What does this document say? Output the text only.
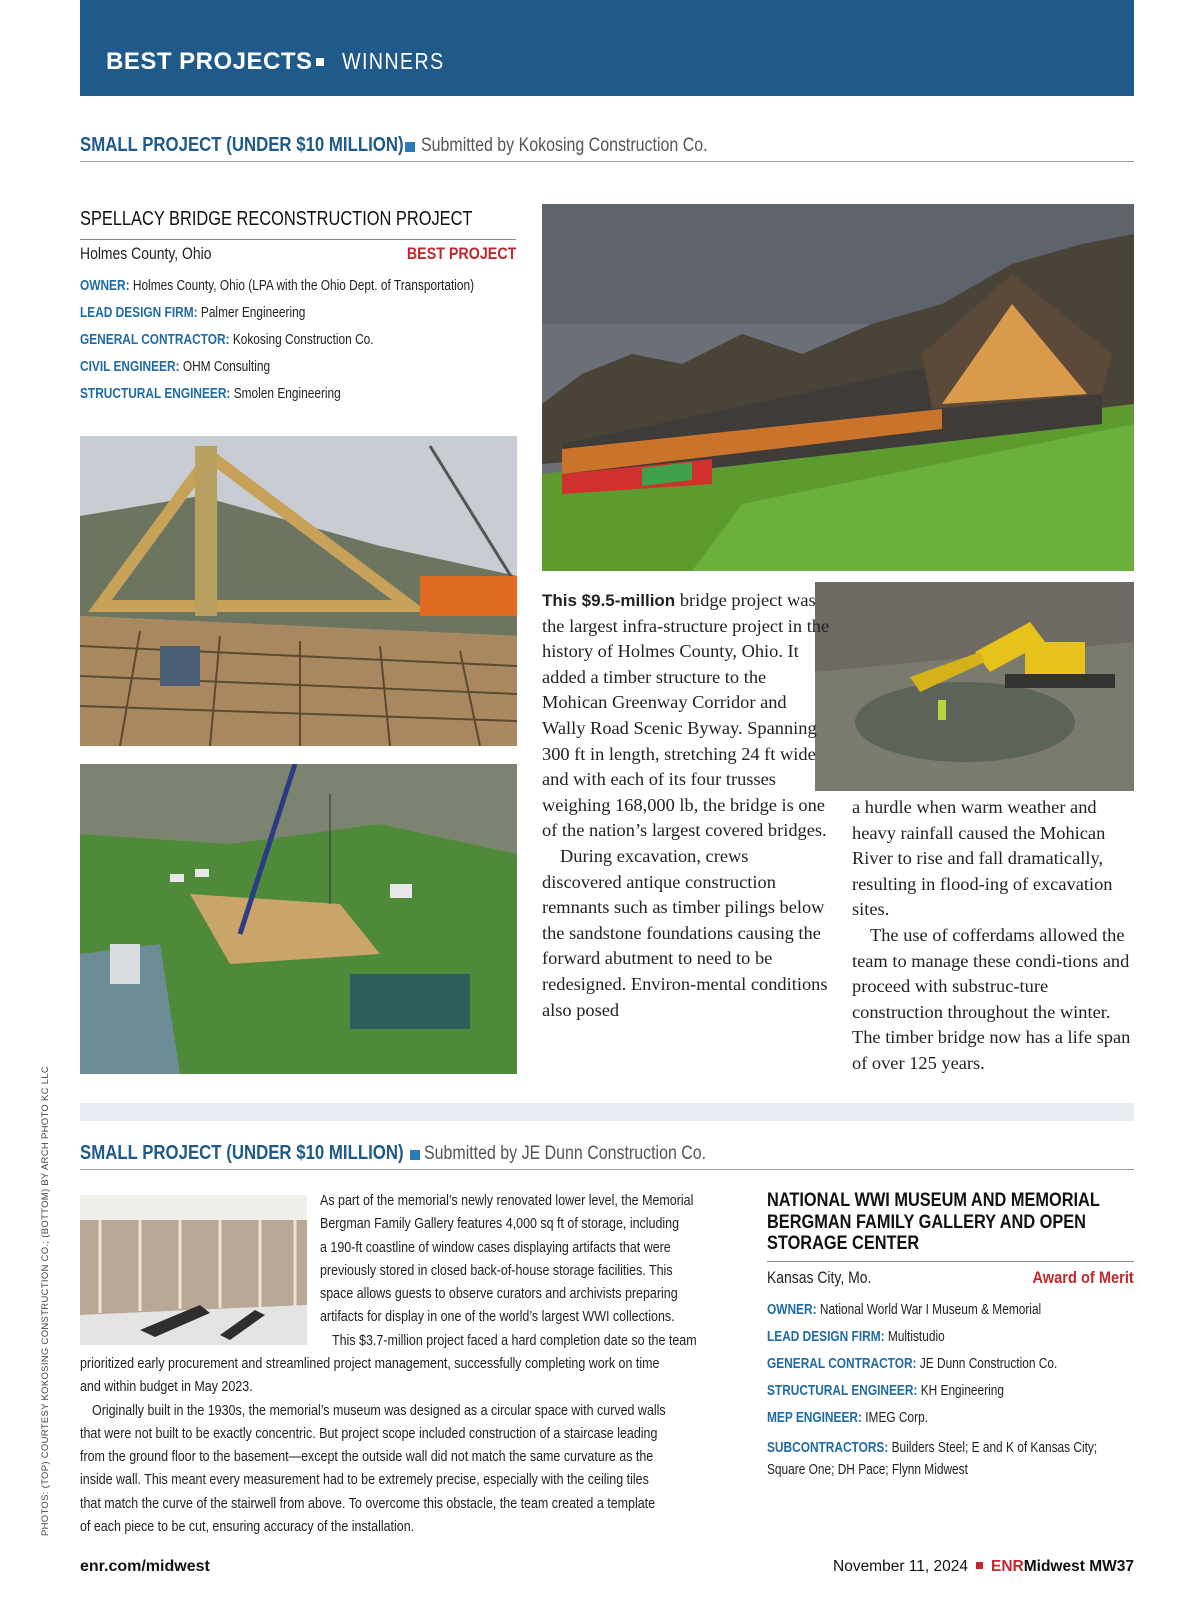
BEST PROJECTS WINNERS
SMALL PROJECT (UNDER $10 MILLION) Submitted by Kokosing Construction Co.
SPELLACY BRIDGE RECONSTRUCTION PROJECT
Holmes County, Ohio	BEST PROJECT
OWNER: Holmes County, Ohio (LPA with the Ohio Dept. of Transportation)
LEAD DESIGN FIRM: Palmer Engineering
GENERAL CONTRACTOR: Kokosing Construction Co.
CIVIL ENGINEER: OHM Consulting
STRUCTURAL ENGINEER: Smolen Engineering

This $9.5-million bridge project was the largest infra-structure project in the history of Holmes County, Ohio. It added a timber structure to the Mohican Greenway Corridor and Wally Road Scenic Byway. Spanning 300 ft in length, stretching 24 ft wide and with each of its four trusses weighing 168,000 lb, the bridge is one of the nation’s largest covered bridges.

During excavation, crews discovered antique construction remnants such as timber pilings below the sandstone foundations causing the forward abutment to need to be redesigned. Environ-mental conditions also posed

a hurdle when warm weather and heavy rainfall caused the Mohican River to rise and fall dramatically, resulting in flood-ing of excavation sites.

The use of cofferdams allowed the team to manage these condi-tions and proceed with substruc-ture construction throughout the winter. The timber bridge now has a life span of over 125 years.

SMALL PROJECT (UNDER $10 MILLION) Submitted by JE Dunn Construction Co.
As part of the memorial’s newly renovated lower level, the Memorial
Bergman Family Gallery features 4,000 sq ft of storage, including
a 190-ft coastline of window cases displaying artifacts that were
previously stored in closed back-of-house storage facilities. This
space allows guests to observe curators and archivists preparing
artifacts for display in one of the world’s largest WWI collections.
This $3.7-million project faced a hard completion date so the team
prioritized early procurement and streamlined project management, successfully completing work on time
and within budget in May 2023.
Originally built in the 1930s, the memorial’s museum was designed as a circular space with curved walls
that were not built to be exactly concentric. But project scope included construction of a staircase leading
from the ground floor to the basement—except the outside wall did not match the same curvature as the
inside wall. This meant every measurement had to be extremely precise, especially with the ceiling tiles
that match the curve of the stairwell from above. To overcome this obstacle, the team created a template
of each piece to be cut, ensuring accuracy of the installation.
NATIONAL WWI MUSEUM AND MEMORIAL
BERGMAN FAMILY GALLERY AND OPEN
STORAGE CENTER
Kansas City, Mo.	Award of Merit
OWNER: National World War I Museum & Memorial
LEAD DESIGN FIRM: Multistudio
GENERAL CONTRACTOR: JE Dunn Construction Co.
STRUCTURAL ENGINEER: KH Engineering
MEP ENGINEER: IMEG Corp.
SUBCONTRACTORS: Builders Steel; E and K of Kansas City;
Square One; DH Pace; Flynn Midwest
PHOTOS: (TOP) COURTESY KOKOSING CONSTRUCTION CO.; (BOTTOM) BY ARCH PHOTO KC LLC
enr.com/midwest	November 11, 2024 ENRMidwest MW37
